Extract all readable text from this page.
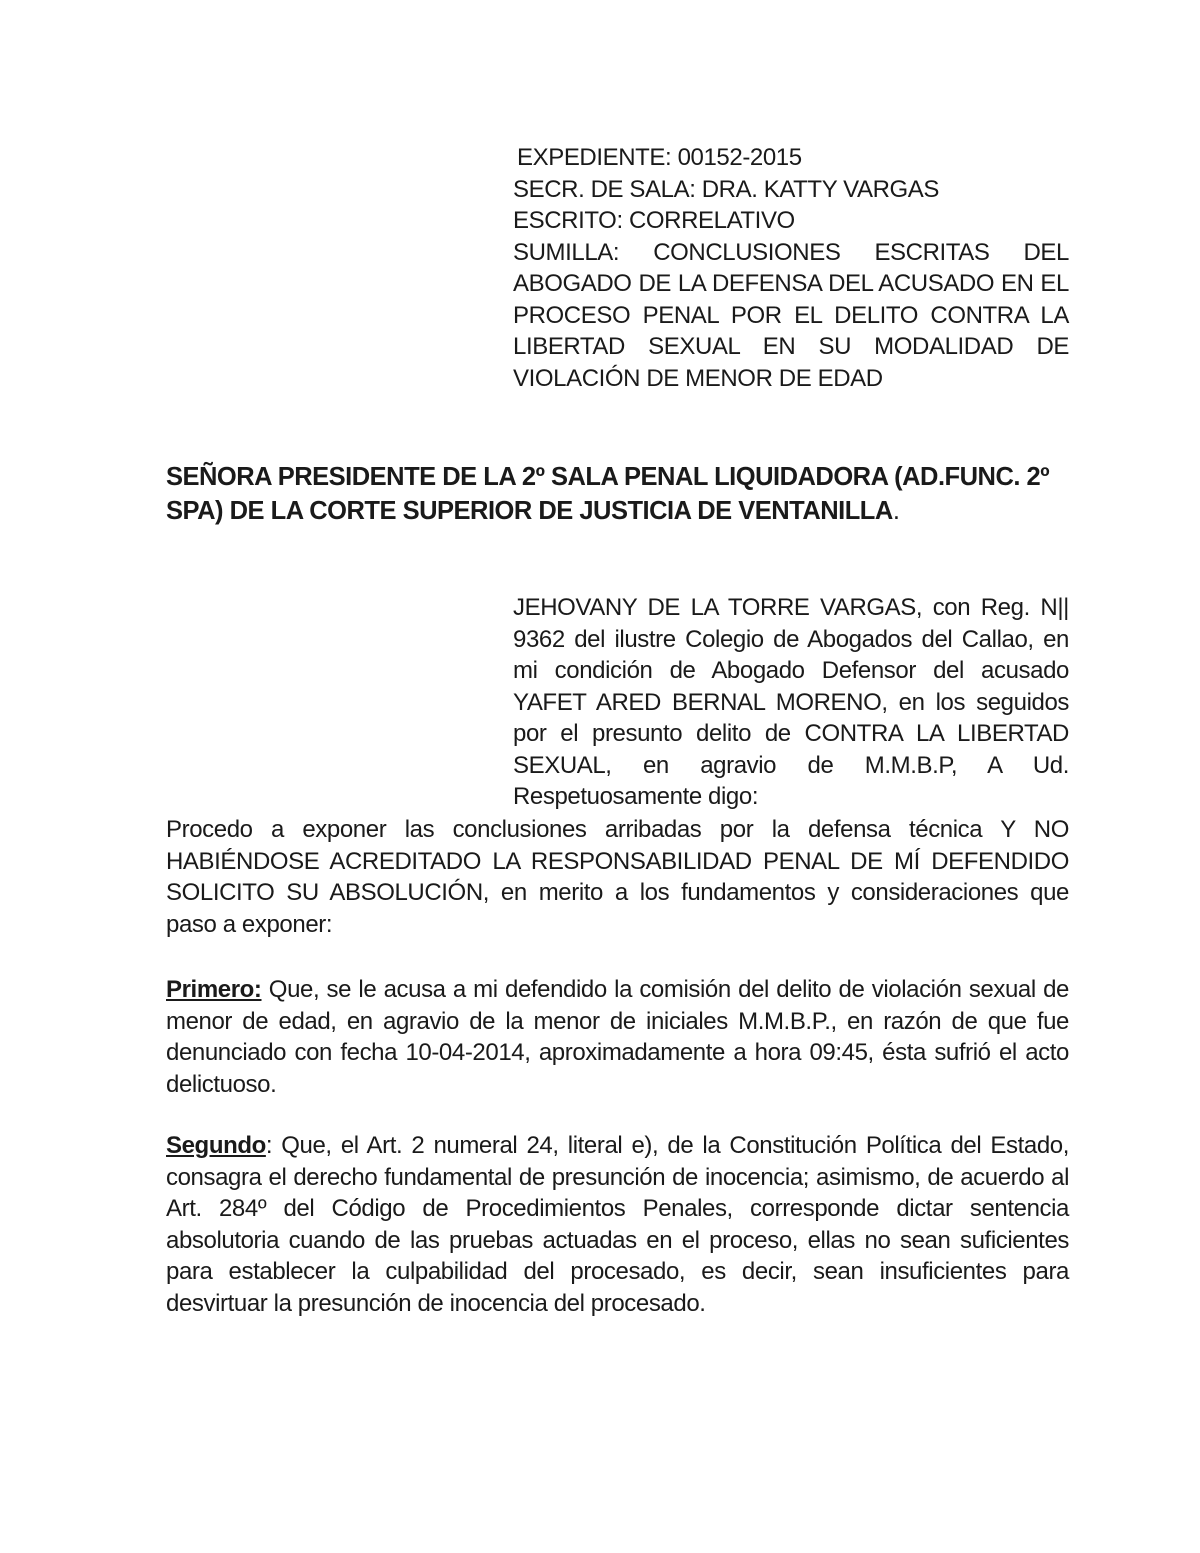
EXPEDIENTE: 00152-2015
SECR. DE SALA: DRA. KATTY VARGAS
ESCRITO: CORRELATIVO
SUMILLA: CONCLUSIONES ESCRITAS DEL ABOGADO DE LA DEFENSA DEL ACUSADO EN EL PROCESO PENAL POR EL DELITO CONTRA LA LIBERTAD SEXUAL EN SU MODALIDAD DE VIOLACIÓN DE MENOR DE EDAD

SEÑORA PRESIDENTE DE LA 2º SALA PENAL LIQUIDADORA (AD.FUNC. 2º SPA) DE LA CORTE SUPERIOR DE JUSTICIA DE VENTANILLA.

JEHOVANY DE LA TORRE VARGAS, con Reg. N|| 9362 del ilustre Colegio de Abogados del Callao, en mi condición de Abogado Defensor del acusado YAFET ARED BERNAL MORENO, en los seguidos por el presunto delito de CONTRA LA LIBERTAD SEXUAL, en agravio de M.M.B.P, A Ud. Respetuosamente digo:

Procedo a exponer las conclusiones arribadas por la defensa técnica Y NO HABIÉNDOSE ACREDITADO LA RESPONSABILIDAD PENAL DE MÍ DEFENDIDO SOLICITO SU ABSOLUCIÓN, en merito a los fundamentos y consideraciones que paso a exponer:

Primero: Que, se le acusa a mi defendido la comisión del delito de violación sexual de menor de edad, en agravio de la menor de iniciales M.M.B.P., en razón de que fue denunciado con fecha 10-04-2014, aproximadamente a hora 09:45, ésta sufrió el acto delictuoso.

Segundo: Que, el Art. 2 numeral 24, literal e), de la Constitución Política del Estado, consagra el derecho fundamental de presunción de inocencia; asimismo, de acuerdo al Art. 284º del Código de Procedimientos Penales, corresponde dictar sentencia absolutoria cuando de las pruebas actuadas en el proceso, ellas no sean suficientes para establecer la culpabilidad del procesado, es decir, sean insuficientes para desvirtuar la presunción de inocencia del procesado.
